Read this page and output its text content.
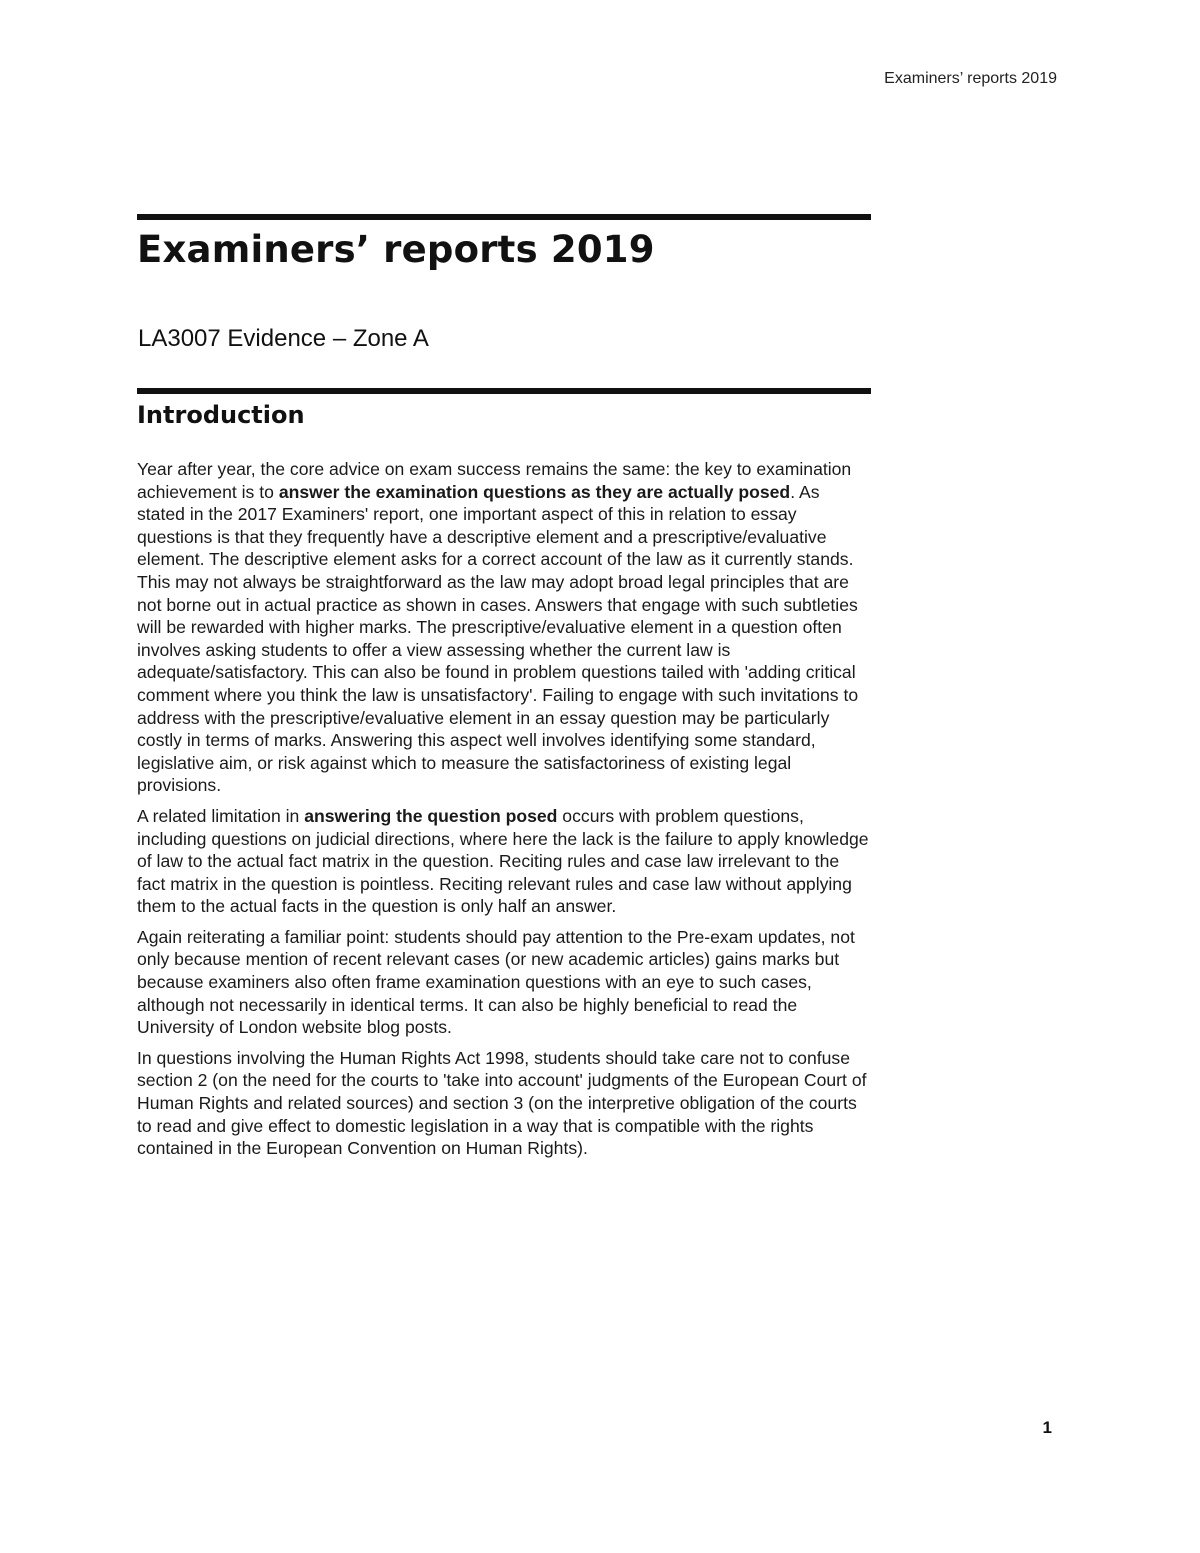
Examiners’ reports 2019
Examiners’ reports 2019
LA3007 Evidence – Zone A
Introduction

Year after year, the core advice on exam success remains the same: the key to examination achievement is to answer the examination questions as they are actually posed. As stated in the 2017 Examiners' report, one important aspect of this in relation to essay questions is that they frequently have a descriptive element and a prescriptive/evaluative element. The descriptive element asks for a correct account of the law as it currently stands. This may not always be straightforward as the law may adopt broad legal principles that are not borne out in actual practice as shown in cases. Answers that engage with such subtleties will be rewarded with higher marks. The prescriptive/evaluative element in a question often involves asking students to offer a view assessing whether the current law is adequate/satisfactory. This can also be found in problem questions tailed with 'adding critical comment where you think the law is unsatisfactory'. Failing to engage with such invitations to address with the prescriptive/evaluative element in an essay question may be particularly costly in terms of marks. Answering this aspect well involves identifying some standard, legislative aim, or risk against which to measure the satisfactoriness of existing legal provisions.

A related limitation in answering the question posed occurs with problem questions, including questions on judicial directions, where here the lack is the failure to apply knowledge of law to the actual fact matrix in the question. Reciting rules and case law irrelevant to the fact matrix in the question is pointless. Reciting relevant rules and case law without applying them to the actual facts in the question is only half an answer.

Again reiterating a familiar point: students should pay attention to the Pre-exam updates, not only because mention of recent relevant cases (or new academic articles) gains marks but because examiners also often frame examination questions with an eye to such cases, although not necessarily in identical terms. It can also be highly beneficial to read the University of London website blog posts.

In questions involving the Human Rights Act 1998, students should take care not to confuse section 2 (on the need for the courts to 'take into account' judgments of the European Court of Human Rights and related sources) and section 3 (on the interpretive obligation of the courts to read and give effect to domestic legislation in a way that is compatible with the rights contained in the European Convention on Human Rights).

1
